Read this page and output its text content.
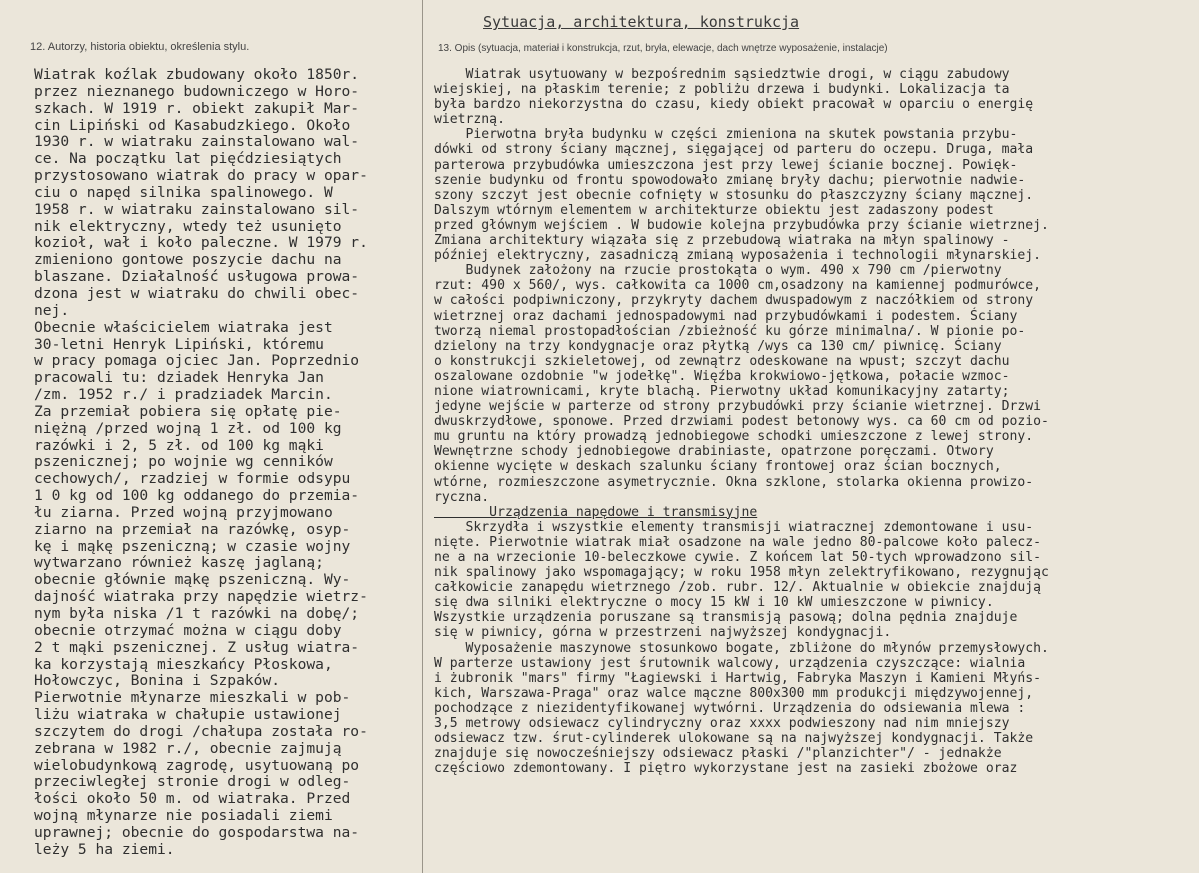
12. Autorzy, historia obiektu, określenia stylu.
Wiatrak koźlak zbudowany około 1850r.
przez nieznanego budowniczego w Horo-
szkach. W 1919 r. obiekt zakupił Mar-
cin Lipiński od Kasabudzkiego. Około
1930 r. w wiatraku zainstalowano wal-
ce. Na początku lat pięćdziesiątych
przystosowano wiatrak do pracy w opar-
ciu o napęd silnika spalinowego. W
1958 r. w wiatraku zainstalowano sil-
nik elektryczny, wtedy też usunięto
kozioł, wał i koło paleczne. W 1979 r.
zmieniono gontowe poszycie dachu na
blaszane. Działalność usługowa prowa-
dzona jest w wiatraku do chwili obec-
nej.
Obecnie właścicielem wiatraka jest
30-letni Henryk Lipiński, któremu
w pracy pomaga ojciec Jan. Poprzednio
pracowali tu: dziadek Henryka Jan
/zm. 1952 r./ i pradziadek Marcin.
Za przemiał pobiera się opłatę pie-
niężną /przed wojną 1 zł. od 100 kg
razówki i 2, 5 zł. od 100 kg mąki
pszenicznej; po wojnie wg cenników
cechowych/, rzadziej w formie odsypu
1 0 kg od 100 kg oddanego do przemia-
łu ziarna. Przed wojną przyjmowano
ziarno na przemiał na razówkę, osyp-
kę i mąkę pszeniczną; w czasie wojny
wytwarzano również kaszę jaglaną;
obecnie głównie mąkę pszeniczną. Wy-
dajność wiatraka przy napędzie wietrz-
nym była niska /1 t razówki na dobę/;
obecnie otrzymać można w ciągu doby
2 t mąki pszenicznej. Z usług wiatra-
ka korzystają mieszkańcy Płoskowa,
Hołowczyc, Bonina i Szpaków.
Pierwotnie młynarze mieszkali w pob-
liżu wiatraka w chałupie ustawionej
szczytem do drogi /chałupa została ro-
zebrana w 1982 r./, obecnie zajmują
wielobudynkową zagrodę, usytuowaną po
przeciwległej stronie drogi w odleg-
łości około 50 m. od wiatraka. Przed
wojną młynarze nie posiadali ziemi
uprawnej; obecnie do gospodarstwa na-
leży 5 ha ziemi.
Sytuacja, architektura, konstrukcja
13. Opis (sytuacja, materiał i konstrukcja, rzut, bryła, elewacje, dach wnętrze wyposażenie, instalacje)
Wiatrak usytuowany w bezpośrednim sąsiedztwie drogi, w ciągu zabudowy
wiejskiej, na płaskim terenie; z pobliżu drzewa i budynki. Lokalizacja ta
była bardzo niekorzystna do czasu, kiedy obiekt pracował w oparciu o energię
wietrzną.
Pierwotna bryła budynku w części zmieniona na skutek powstania przybu-
dówki od strony ściany mącznej, sięgającej od parteru do oczepu. Druga, mała
parterowa przybudówka umieszczona jest przy lewej ścianie bocznej. Powięk-
szenie budynku od frontu spowodowało zmianę bryły dachu; pierwotnie nadwie-
szony szczyt jest obecnie cofnięty w stosunku do płaszczyzny ściany mącznej.
Dalszym wtórnym elementem w architekturze obiektu jest zadaszony podest
przed głównym wejściem . W budowie kolejna przybudówka przy ścianie wietrznej.
Zmiana architektury wiązała się z przebudową wiatraka na młyn spalinowy -
później elektryczny, zasadniczą zmianą wyposażenia i technologii młynarskiej.
Budynek założony na rzucie prostokąta o wym. 490 x 790 cm /pierwotny
rzut: 490 x 560/, wys. całkowita ca 1000 cm,osadzony na kamiennej podmurówce,
w całości podpiwniczony, przykryty dachem dwuspadowym z naczółkiem od strony
wietrznej oraz dachami jednospadowymi nad przybudówkami i podestem. Ściany
tworzą niemal prostopadłościan /zbieżność ku górze minimalna/. W pionie po-
dzielony na trzy kondygnacje oraz płytką /wys ca 130 cm/ piwnicę. Ściany
o konstrukcji szkieletowej, od zewnątrz odeskowane na wpust; szczyt dachu
oszalowane ozdobnie "w jodełkę". Więźba krokwiowo-jętkowa, połacie wzmoc-
nione wiatrownicami, kryte blachą. Pierwotny układ komunikacyjny zatarty;
jedyne wejście w parterze od strony przybudówki przy ścianie wietrznej. Drzwi
dwuskrzydłowe, sponowe. Przed drzwiami podest betonowy wys. ca 60 cm od pozio-
mu gruntu na który prowadzą jednobiegowe schodki umieszczone z lewej strony.
Wewnętrzne schody jednobiegowe drabiniaste, opatrzone poręczami. Otwory
okienne wycięte w deskach szalunku ściany frontowej oraz ścian bocznych,
wtórne, rozmieszczone asymetrycznie. Okna szklone, stolarka okienna prowizo-
ryczna.
Urządzenia napędowe i transmisyjne
Skrzydła i wszystkie elementy transmisji wiatracznej zdemontowane i usu-
nięte. Pierwotnie wiatrak miał osadzone na wale jedno 80-palcowe koło palecz-
ne a na wrzecionie 10-beleczkowe cywie. Z końcem lat 50-tych wprowadzono sil-
nik spalinowy jako wspomagający; w roku 1958 młyn zelektryfikowano, rezygnując
całkowicie zanapędu wietrznego /zob. rubr. 12/. Aktualnie w obiekcie znajdują
się dwa silniki elektryczne o mocy 15 kW i 10 kW umieszczone w piwnicy.
Wszystkie urządzenia poruszane są transmisją pasową; dolna pędnia znajduje
się w piwnicy, górna w przestrzeni najwyższej kondygnacji.
Wyposażenie maszynowe stosunkowo bogate, zbliżone do młynów przemysłowych.
W parterze ustawiony jest śrutownik walcowy, urządzenia czyszczące: wialnia
i żubronik "mars" firmy "Łagiewski i Hartwig, Fabryka Maszyn i Kamieni Młyńs-
kich, Warszawa-Praga" oraz walce mączne 800x300 mm produkcji międzywojennej,
pochodzące z niezidentyfikowanej wytwórni. Urządzenia do odsiewania mlewa :
3,5 metrowy odsiewacz cylindryczny oraz xxxx podwieszony nad nim mniejszy
odsiewacz tzw. śrut-cylinderek ulokowane są na najwyższej kondygnacji. Także
znajduje się nowocześniejszy odsiewacz płaski /"planzichter"/ - jednakże
częściowo zdemontowany. I piętro wykorzystane jest na zasieki zbożowe oraz
